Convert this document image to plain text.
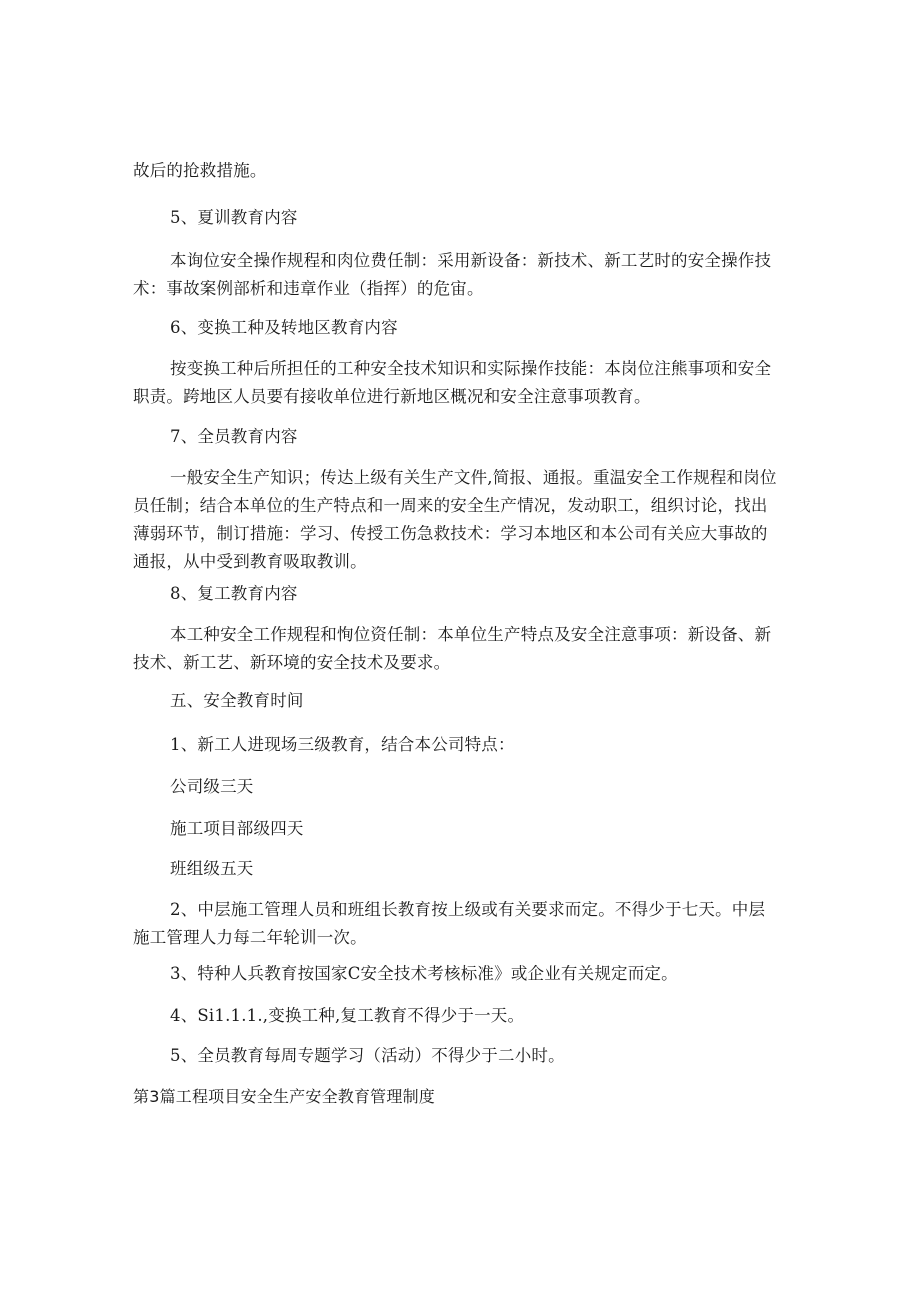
故后的抢救措施。
5、夏训教育内容
本询位安全操作规程和肉位费任制：采用新设备：新技术、新工艺时的安全操作技
术：事故案例部析和违章作业（指挥）的危宙。
6、变换工种及转地区教育内容
按变换工种后所担任的工种安全技术知识和实际操作技能：本岗位注熊事项和安全
职责。跨地区人员要有接收单位进行新地区概况和安全注意事项教育。
7、全员教育内容
一般安全生产知识；传达上级有关生产文件,简报、通报。重温安全工作规程和岗位
员任制；结合本单位的生产特点和一周来的安全生产情况，发动职工，组织讨论，找出
薄弱环节，制订措施：学习、传授工伤急救技术：学习本地区和本公司有关应大事故的
通报，从中受到教育吸取教训。
8、复工教育内容
本工种安全工作规程和恂位资任制：本单位生产特点及安全注意事项：新设备、新
技术、新工艺、新环境的安全技术及要求。
五、安全教育时间
1、新工人进现场三级教育，结合本公司特点：
公司级三天
施工项目部级四天
班组级五天
2、中层施工管理人员和班组长教育按上级或有关要求而定。不得少于七天。中层
施工管理人力每二年轮训一次。
3、特种人兵教育按国家C安全技术考核标准》或企业有关规定而定。
4、Si1.1.1.,变换工种,复工教育不得少于一天。
5、全员教育每周专题学习（活动）不得少于二小时。
第3篇工程项目安全生产安全教育管理制度
